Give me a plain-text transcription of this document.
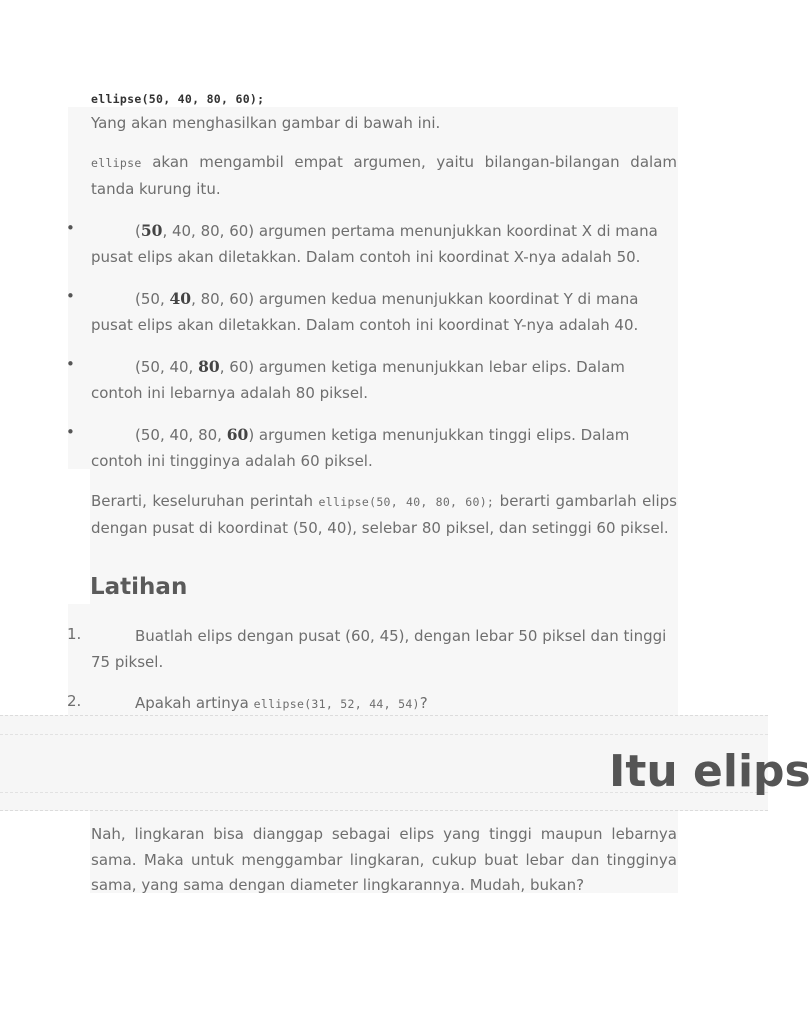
ellipse(50, 40, 80, 60);
Yang akan menghasilkan gambar di bawah ini.
ellipse akan mengambil empat argumen, yaitu bilangan-bilangan dalam tanda kurung itu.
•	(50, 40, 80, 60) argumen pertama menunjukkan koordinat X di mana pusat elips akan diletakkan. Dalam contoh ini koordinat X-nya adalah 50.
•	(50, 40, 80, 60) argumen kedua menunjukkan koordinat Y di mana pusat elips akan diletakkan. Dalam contoh ini koordinat Y-nya adalah 40.
•	(50, 40, 80, 60) argumen ketiga menunjukkan lebar elips. Dalam contoh ini lebarnya adalah 80 piksel.
•	(50, 40, 80, 60) argumen ketiga menunjukkan tinggi elips. Dalam contoh ini tingginya adalah 60 piksel.
Berarti, keseluruhan perintah ellipse(50, 40, 80, 60); berarti gambarlah elips dengan pusat di koordinat (50, 40), selebar 80 piksel, dan setinggi 60 piksel.
Latihan
1.	Buatlah elips dengan pusat (60, 45), dengan lebar 50 piksel dan tinggi 75 piksel.
2.	Apakah artinya ellipse(31, 52, 44, 54)?
Itu elips
Nah, lingkaran bisa dianggap sebagai elips yang tinggi maupun lebarnya sama. Maka untuk menggambar lingkaran, cukup buat lebar dan tingginya sama, yang sama dengan diameter lingkarannya. Mudah, bukan?
